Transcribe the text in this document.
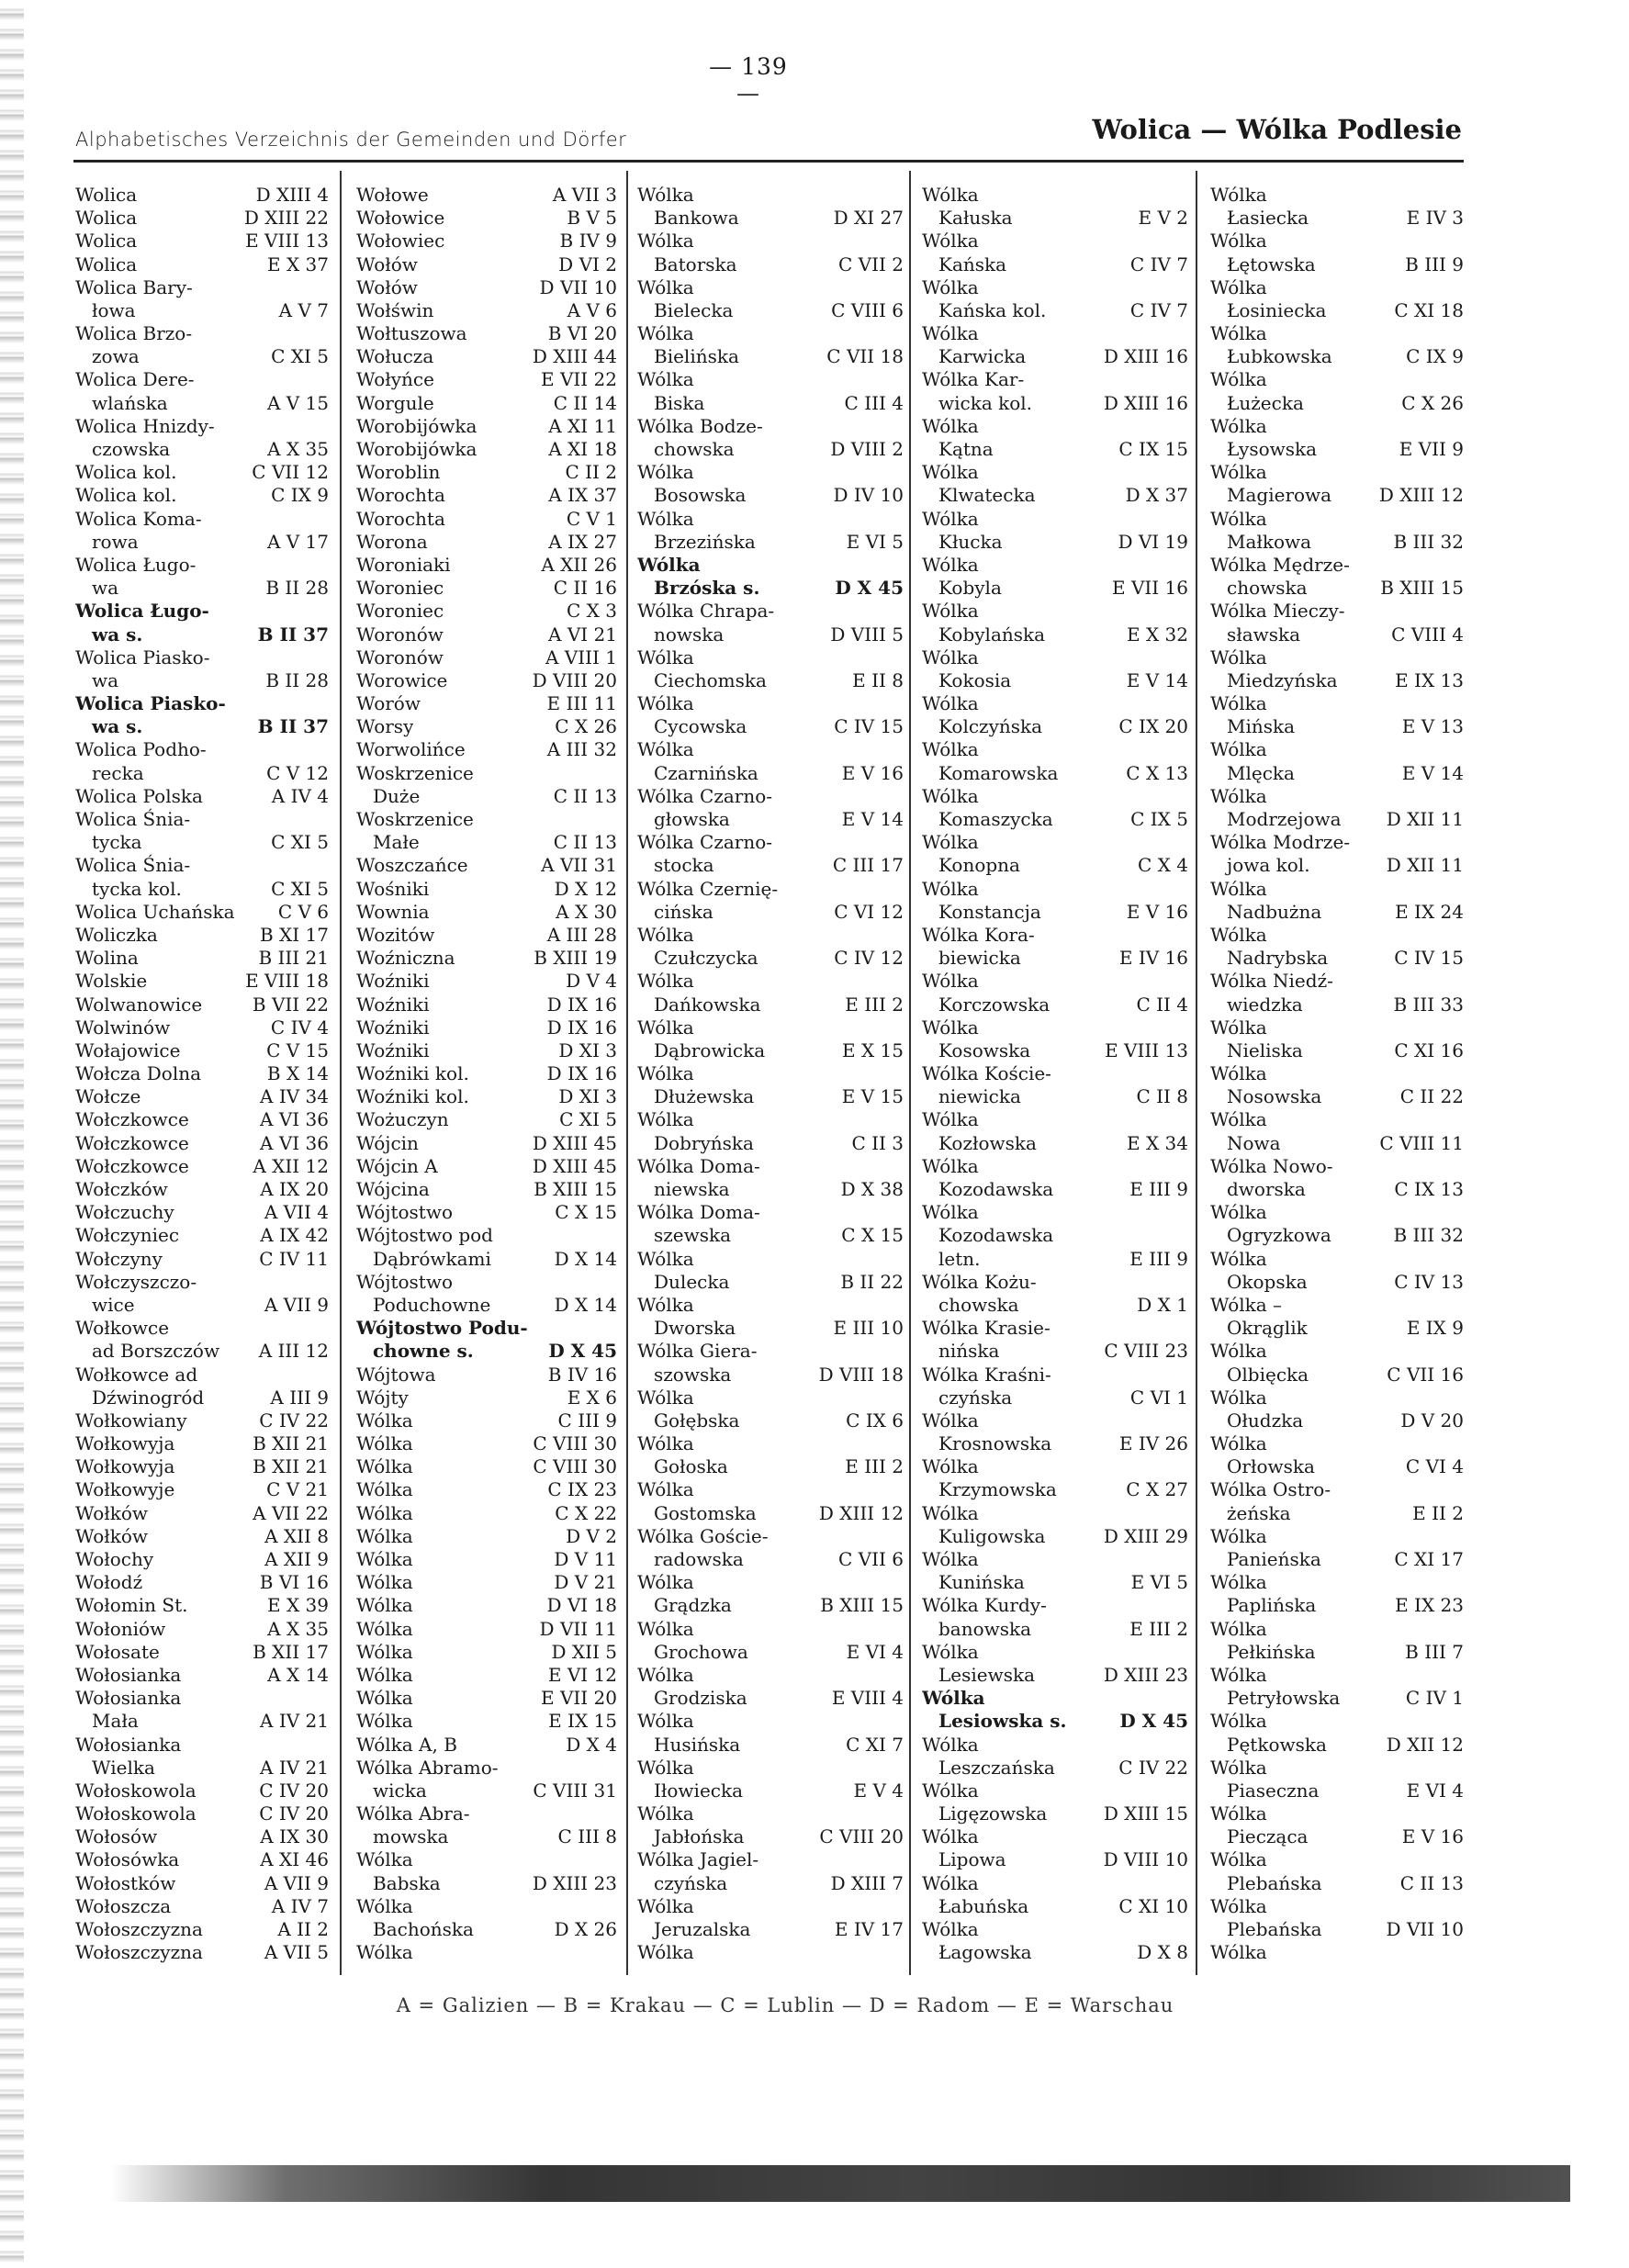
— 139 —
Alphabetisches Verzeichnis der Gemeinden und Dörfer	Wolica — Wólka Podlesie
Wolica	D XIII 4
Wolica	D XIII 22
Wolica	E VIII 13
Wolica	E X 37
Wolica Bary-
łowa	A V 7
Wolica Brzo-
zowa	C XI 5
Wolica Dere-
wlańska	A V 15
Wolica Hnizdy-
czowska	A X 35
Wolica kol.	C VII 12
Wolica kol.	C IX 9
Wolica Koma-
rowa	A V 17
Wolica Ługo-
wa	B II 28
Wolica Ługo-
wa s.	B II 37
Wolica Piasko-
wa	B II 28
Wolica Piasko-
wa s.	B II 37
Wolica Podho-
recka	C V 12
Wolica Polska	A IV 4
Wolica Śnia-
tycka	C XI 5
Wolica Śnia-
tycka kol.	C XI 5
Wolica Uchańska	C V 6
Woliczka	B XI 17
Wolina	B III 21
Wolskie	E VIII 18
Wolwanowice	B VII 22
Wolwinów	C IV 4
Wołajowice	C V 15
Wołcza Dolna	B X 14
Wołcze	A IV 34
Wołczkowce	A VI 36
Wołczkowce	A VI 36
Wołczkowce	A XII 12
Wołczków	A IX 20
Wołczuchy	A VII 4
Wołczyniec	A IX 42
Wołczyny	C IV 11
Wołczyszczo-
wice	A VII 9
Wołkowce
ad Borszczów	A III 12
Wołkowce ad
Dźwinogród	A III 9
Wołkowiany	C IV 22
Wołkowyja	B XII 21
Wołkowyja	B XII 21
Wołkowyje	C V 21
Wołków	A VII 22
Wołków	A XII 8
Wołochy	A XII 9
Wołodź	B VI 16
Wołomin St.	E X 39
Wołoniów	A X 35
Wołosate	B XII 17
Wołosianka	A X 14
Wołosianka
Mała	A IV 21
Wołosianka
Wielka	A IV 21
Wołoskowola	C IV 20
Wołoskowola	C IV 20
Wołosów	A IX 30
Wołosówka	A XI 46
Wołostków	A VII 9
Wołoszcza	A IV 7
Wołoszczyzna	A II 2
Wołoszczyzna	A VII 5
Wołowe	A VII 3
Wołowice	B V 5
Wołowiec	B IV 9
Wołów	D VI 2
Wołów	D VII 10
Wołświn	A V 6
Wołtuszowa	B VI 20
Wołucza	D XIII 44
Wołyńce	E VII 22
Worgule	C II 14
Worobijówka	A XI 11
Worobijówka	A XI 18
Woroblin	C II 2
Worochta	A IX 37
Worochta	C V 1
Worona	A IX 27
Woroniaki	A XII 26
Woroniec	C II 16
Woroniec	C X 3
Woronów	A VI 21
Woronów	A VIII 1
Worowice	D VIII 20
Worów	E III 11
Worsy	C X 26
Worwolińce	A III 32
Woskrzenice
Duże	C II 13
Woskrzenice
Małe	C II 13
Woszczańce	A VII 31
Wośniki	D X 12
Wownia	A X 30
Wozitów	A III 28
Woźniczna	B XIII 19
Woźniki	D V 4
Woźniki	D IX 16
Woźniki	D IX 16
Woźniki	D XI 3
Woźniki kol.	D IX 16
Woźniki kol.	D XI 3
Wożuczyn	C XI 5
Wójcin	D XIII 45
Wójcin A	D XIII 45
Wójcina	B XIII 15
Wójtostwo	C X 15
Wójtostwo pod
Dąbrówkami	D X 14
Wójtostwo
Poduchowne	D X 14
Wójtostwo Podu-
chowne s.	D X 45
Wójtowa	B IV 16
Wójty	E X 6
Wólka	C III 9
Wólka	C VIII 30
Wólka	C VIII 30
Wólka	C IX 23
Wólka	C X 22
Wólka	D V 2
Wólka	D V 11
Wólka	D V 21
Wólka	D VI 18
Wólka	D VII 11
Wólka	D XII 5
Wólka	E VI 12
Wólka	E VII 20
Wólka	E IX 15
Wólka A, B	D X 4
Wólka Abramo-
wicka	C VIII 31
Wólka Abra-
mowska	C III 8
Wólka
Babska	D XIII 23
Wólka
Bachońska	D X 26
Wólka
Wólka
Bankowa	D XI 27
Wólka
Batorska	C VII 2
Wólka
Bielecka	C VIII 6
Wólka
Bielińska	C VII 18
Wólka
Biska	C III 4
Wólka Bodze-
chowska	D VIII 2
Wólka
Bosowska	D IV 10
Wólka
Brzezińska	E VI 5
Wólka
Brzóska s.	D X 45
Wólka Chrapa-
nowska	D VIII 5
Wólka
Ciechomska	E II 8
Wólka
Cycowska	C IV 15
Wólka
Czarnińska	E V 16
Wólka Czarno-
głowska	E V 14
Wólka Czarno-
stocka	C III 17
Wólka Czernię-
cińska	C VI 12
Wólka
Czułczycka	C IV 12
Wólka
Dańkowska	E III 2
Wólka
Dąbrowicka	E X 15
Wólka
Dłużewska	E V 15
Wólka
Dobryńska	C II 3
Wólka Doma-
niewska	D X 38
Wólka Doma-
szewska	C X 15
Wólka
Dulecka	B II 22
Wólka
Dworska	E III 10
Wólka Giera-
szowska	D VIII 18
Wólka
Gołębska	C IX 6
Wólka
Gołoska	E III 2
Wólka
Gostomska	D XIII 12
Wólka Goście-
radowska	C VII 6
Wólka
Grądzka	B XIII 15
Wólka
Grochowa	E VI 4
Wólka
Grodziska	E VIII 4
Wólka
Husińska	C XI 7
Wólka
Iłowiecka	E V 4
Wólka
Jabłońska	C VIII 20
Wólka Jagiel-
czyńska	D XIII 7
Wólka
Jeruzalska	E IV 17
Wólka
Wólka
Kałuska	E V 2
Wólka
Kańska	C IV 7
Wólka
Kańska kol.	C IV 7
Wólka
Karwicka	D XIII 16
Wólka Kar-
wicka kol.	D XIII 16
Wólka
Kątna	C IX 15
Wólka
Klwatecka	D X 37
Wólka
Kłucka	D VI 19
Wólka
Kobyla	E VII 16
Wólka
Kobylańska	E X 32
Wólka
Kokosia	E V 14
Wólka
Kolczyńska	C IX 20
Wólka
Komarowska	C X 13
Wólka
Komaszycka	C IX 5
Wólka
Konopna	C X 4
Wólka
Konstancja	E V 16
Wólka Kora-
biewicka	E IV 16
Wólka
Korczowska	C II 4
Wólka
Kosowska	E VIII 13
Wólka Koście-
niewicka	C II 8
Wólka
Kozłowska	E X 34
Wólka
Kozodawska	E III 9
Wólka
Kozodawska
letn.	E III 9
Wólka Kożu-
chowska	D X 1
Wólka Krasie-
nińska	C VIII 23
Wólka Kraśni-
czyńska	C VI 1
Wólka
Krosnowska	E IV 26
Wólka
Krzymowska	C X 27
Wólka
Kuligowska	D XIII 29
Wólka
Kunińska	E VI 5
Wólka Kurdy-
banowska	E III 2
Wólka
Lesiewska	D XIII 23
Wólka
Lesiowska s.	D X 45
Wólka
Leszczańska	C IV 22
Wólka
Ligęzowska	D XIII 15
Wólka
Lipowa	D VIII 10
Wólka
Łabuńska	C XI 10
Wólka
Łagowska	D X 8
Wólka
Łasiecka	E IV 3
Wólka
Łętowska	B III 9
Wólka
Łosiniecka	C XI 18
Wólka
Łubkowska	C IX 9
Wólka
Łużecka	C X 26
Wólka
Łysowska	E VII 9
Wólka
Magierowa	D XIII 12
Wólka
Małkowa	B III 32
Wólka Mędrze-
chowska	B XIII 15
Wólka Mieczy-
sławska	C VIII 4
Wólka
Miedzyńska	E IX 13
Wólka
Mińska	E V 13
Wólka
Mlęcka	E V 14
Wólka
Modrzejowa	D XII 11
Wólka Modrze-
jowa kol.	D XII 11
Wólka
Nadbużna	E IX 24
Wólka
Nadrybska	C IV 15
Wólka Niedź-
wiedzka	B III 33
Wólka
Nieliska	C XI 16
Wólka
Nosowska	C II 22
Wólka
Nowa	C VIII 11
Wólka Nowo-
dworska	C IX 13
Wólka
Ogryzkowa	B III 32
Wólka
Okopska	C IV 13
Wólka –
Okrąglik	E IX 9
Wólka
Olbięcka	C VII 16
Wólka
Ołudzka	D V 20
Wólka
Orłowska	C VI 4
Wólka Ostro-
żeńska	E II 2
Wólka
Panieńska	C XI 17
Wólka
Paplińska	E IX 23
Wólka
Pełkińska	B III 7
Wólka
Petryłowska	C IV 1
Wólka
Pętkowska	D XII 12
Wólka
Piaseczna	E VI 4
Wólka
Piecząca	E V 16
Wólka
Plebańska	C II 13
Wólka
Plebańska	D VII 10
Wólka
A = Galizien — B = Krakau — C = Lublin — D = Radom — E = Warschau
